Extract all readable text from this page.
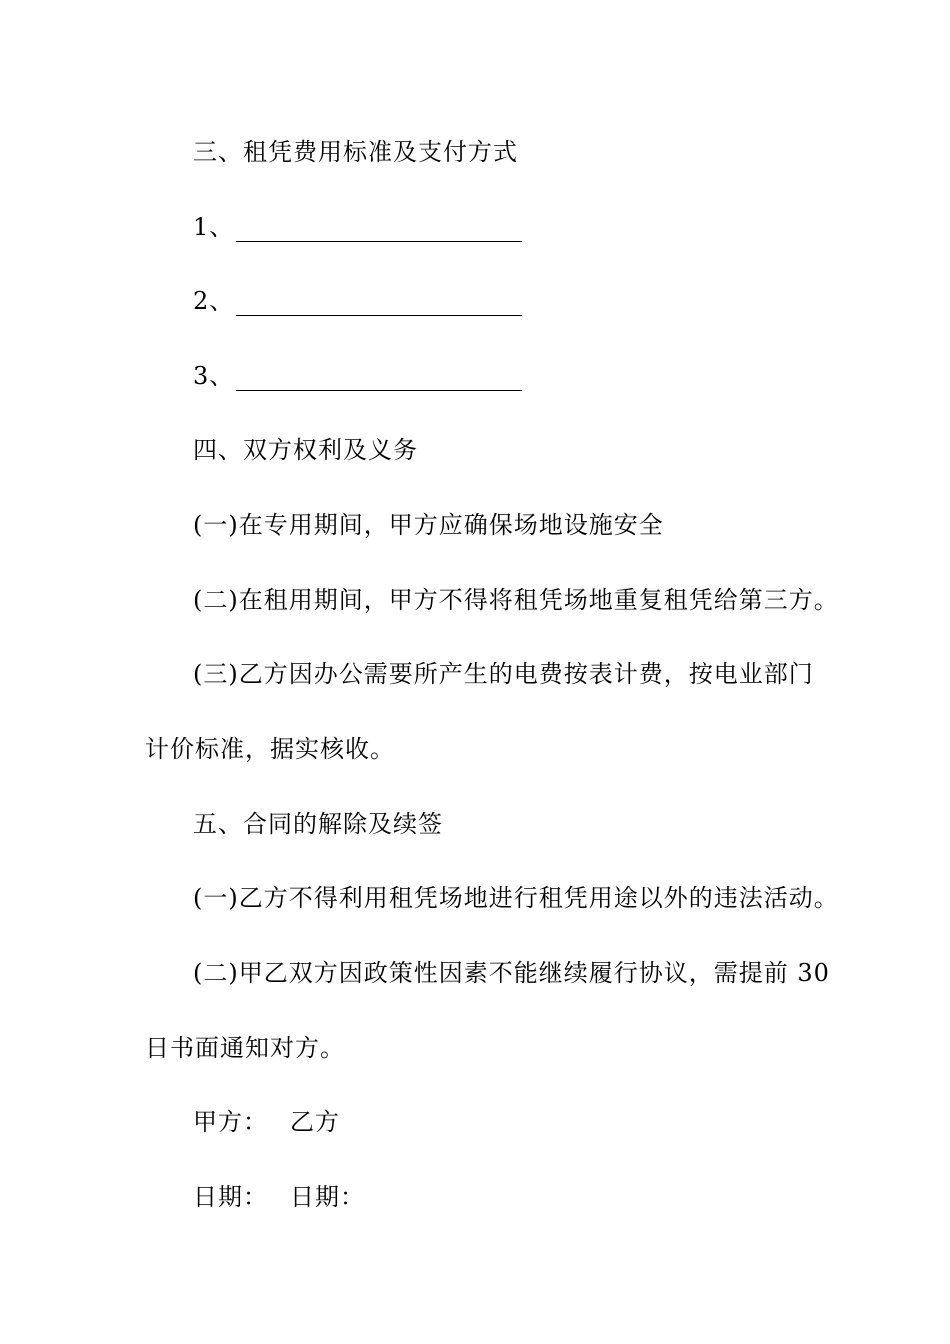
三、租凭费用标准及支付方式
1、
2、
3、
四、双方权利及义务
(一)在专用期间，甲方应确保场地设施安全
(二)在租用期间，甲方不得将租凭场地重复租凭给第三方。
(三)乙方因办公需要所产生的电费按表计费，按电业部门
计价标准，据实核收。
五、合同的解除及续签
(一)乙方不得利用租凭场地进行租凭用途以外的违法活动。
(二)甲乙双方因政策性因素不能继续履行协议，需提前 30
日书面通知对方。
甲方： 乙方
日期： 日期：
